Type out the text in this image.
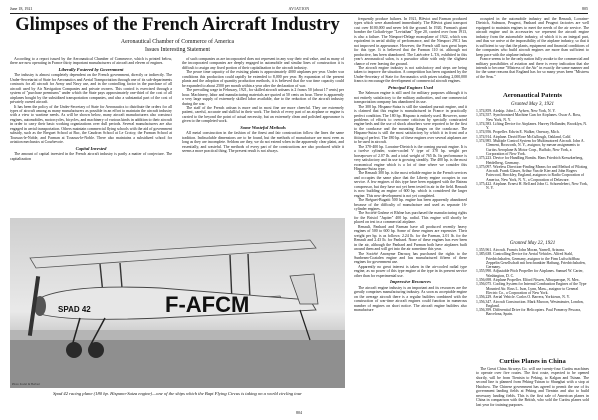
June 18, 1921	AVIATION	805
Glimpses of the French Aircraft Industry
Aeronautical Chamber of Commerce of America
Issues Interesting Statement

According to a report issued by the Aeronautical Chamber of Commerce, which is printed below, there are now operating in France thirty important manufacturers of aircraft and eleven of engines.

Liberally Fostered by Government

The industry is almost completely dependent on the French government, directly or indirectly. The Under-Secretariat of State for Aeronautics and Aerial Transportation through one of its sub-departments contracts for all aircraft for Army and Navy use, and in the controlling factor in the purchase of all aircraft used by Air Navigation Companies and private owners. This control is exercised through a system of "purchase premiums" under which the State pays approximately one-third of the cost of all airplanes bought by the subsidized transportation companies, and also a substantial part of the cost of privately owned aircraft.

It has been the policy of the Under-Secretary of State for Aeronautics to distribute the orders for all types of aircraft among as many manufacturers as possible in an effort to maintain the aircraft industry with a view to wartime needs. As will be shown below, many aircraft manufacturers also construct engines, automobiles, motorcycles, bicycles, and machinery of various kinds in addition to their aircraft in order to carry their basic working organizations over dull periods. Several manufacturers are also engaged in aerial transportation. Others maintain commercial flying schools with the aid of government subsidy, such as the Breguet School at Buc, the Caudron School at Le Crotoy, the Farman School at Toussus-le-Noble, and Farman at Toussus-le-Noble. There also maintains a subsidized school for aviation mechanics at Courbevoie.

Capital Invested

The amount of capital invested in the French aircraft industry is partly a matter of conjecture. The capitalization

of such companies as are incorporated does not represent in any way their real value, and as many of the incorporated companies are deeply engaged in automobile and similar lines of construction it is difficult to assign any fixed portion of their capitalization to the aircraft industry.

The peace time capacity of the existing plants is approximately 4000 airplanes per year. Under war conditions this production could rapidly be extended to 8,000 per year. By expansion of the present plants and the adoption of quantity production methods, it is believed that the war time capacity could be expanded to about 2500 per month within a year after the declaration of war.

The prevailing wage in February, 1921, for skilled aircraft artisans is 2 francs 50 (about 17 cents) per hour. Machinery, labor and manufacturing materials are quoted at 50 cents an hour. There is apparently a very large supply of extremely skilled labor available, due to the reduction of the aircraft industry during the war.

The staff of the French artisan is more and in most fine are more cheerful. They are extremely patient, careful, accurate and skillful in their work. The finish of every part of an airplane or engine is carried to the beyond the point of actual necessity, but an extremely clean and polished appearance is given to the completed work.

Some Wasteful Methods

All metal construction in the fashion of the finest and fair construction follow the lines the same tradition. Indissoluble dimensions are to be found, but the methods of manufacture are most even as long as they are incomplete. Seldom are they, we do not extend when in the apparently clear plaint, and essentially, and wasteful. The methods of every part of the constructions are also produced while it seems a more practical thing. The present result is not always.

frequently produce failures. In 1921, Bléviot and Farman produced types which were abandoned immediately. The Bléviot giant transport cost over $100,000 and never left the ground. In 1920, Farman's giant bomber the Goliath-type "Leviathan" Type 20, carried over from 1913, is also a failure. The Nieuport-Delage monoplane of 1922, which was equivalent in aerial ability of performance, and the Nieuport 29C1 has not improved in appearance. However, the French still turn great hopes for this type. It is believed that the Farman 110 tri. although not productive, has been abandoned. The Latécoère L.T.6, exhibited in this year's aeronautical salon, is a pursuitor affair with only the slightest chance of ever leaving the ground.

The aircraft engine industry is not satisfactory and steps are being taken to improve the situation. A competition has been organized by the Under-Secretary of State for Aeronautics with prizes totaling 2,000,000 francs to encourage the development of commercial aircraft engines.

Principal Engines Used

The Salmson engine is still used for military purposes although it is not entirely satisfactory to the military authorities, and one commercial transportation company has abandoned its use.

The 300 hp. Hispano-Suiza is still the standard pursuit engine, and it is claimed that this engine is manufactured in France in practically perfect condition. The 180 hp. Hispano is entirely used. However, some problems of efforts to overcome criticism by specially constructed engine beds and the use of shock absorbers were reported to be the first to the crankcase and the mounting flanges on the crankcase. The Hispano-Suiza is still the most satisfactory by which it in front and a fitting of perfect. The 180 hp. of these engines over several airplanes are to be used in aircraft.

The 370-400 hp. Lorraine-Dietrich is the coming pursuit engine. It is a twelve cylinder, water-cooled V type of 370 hp. weight per horsepower of 2.07 lb. and a total weight of 765 lb. Its performance is very satisfactory and its use is growing steadily. The 400 hp. is the most economical engine which is a lot of time where we consider this Hispano-Suiza type.

The Renault 300 hp. is the most reliable engine in the French services and occupies the same place that the Liberty engine occupies in our service. A few engines of this type have been equipped with the Rateau compressor, but they have not yet been tested in air in the field. Renault is now building an engine of 600 hp. which is considered the larger engine. This new development is not yet completed.

The Bréguet-Bugatti 500 hp. engine has been apparently abandoned because of the difficulty of manufacture and used as separate 16-cylinder engines.

The Société Gnôme et Rhône has purchased the manufacturing rights for the Bristol "Jupiter" 400 hp. radial. This engine will shortly be placed on test in a commercial airplane.

Renault, Panhard and Farman have all produced recently heavy engines of 500 to 600 hp. Some of these engines are expensive. Their weight per hp. is as follows: 2.24 lb. for the Farman, 2.01 lb. for the Renault and 2.43 lb. for Panhard. None of these engines has ever been in the air, although the Panhard and Farman both have airplanes built around them and will get into the air sometime this year.

The Société Anonyme Darracq has purchased the rights to the Sunbeam-Coatalen engine and has manufactured fifteen of these engines for government use.

Apparently no great interest is taken in the air-cooled radial type engine, as no power of this type engine at the type in its present service other than for experimental use.

Impressive Resources

The aircraft engine industry is an important and its resources are the greatly comprises manufacturing industry. As soon as acceptable engine on the average aircraft there is a regular builders combined with the construction of war-time aircraft engines could function in numerous number of engines on short notice. The aircraft engine builders also manufacture

occupied in the automobile industry and the Renault, Lorraine-Dietrich, Salmson, Peugeot, Panhard and Peugeot factories are well equipped to maintain engines to meet the needs of the air service. The aircraft engine and its accessories we represent the aircraft engine industry from the automobile industry, of which it is an integral part, and thus we arrive at the impossibility of the airplane industry, so that it is sufficient to say that the plants, equipment and financial conditions of the companies who build aircraft engines are more than sufficient to keep pace with the airplane industry.

France seems to be the only nation fully awake to the commercial and military possibilities of aviation and there is every indication that she intends to become "Mistress of the Air" in exactly the same manner and for the same reasons that England has for so many years been "Mistress of the Seas."

Aeronautical Patents
Granted May 3, 1921
1,374,859. Airship. John L. Aylsen, New York, N. Y.
1,374,557. Synchronized Machine Gun for Airplanes. Oscar A. Ross, New York, N. Y.
1,374,583. Lifting Device for Airplanes. Harvey Hollander, Brooklyn, N. Y.
1,374,956. Propeller. Edwin E. Walker, Oneway, Mich.
1,374,914. Airplane. David Rose McCullough, Oakland, Calif.
1,374,985. Multiple Control System for Multimotored Aircraft. John A. Clement, Boxworth, N. Y., assignor, by mesne assignments to Curtiss Aeroplane & Motor Corp., Buffalo, New York, a Corporation of New York.
1,375,223. Device for Handling Bombs. Hans Friedrich Kreuzkerberg, Heidelberg, Germany.
1,375,097. Wireless Direction-Finding Means for and Method of Piloting Aircraft. Frank Glauer, Arthur Van de Kier and John Rogers Fairwood, Brockley, England, assignors to Radio Corporation of America, New York, N. Y., a Corporation of Delaware.
1,375,422. Airplane. Ernest H. Bell and John G. Schoenlebert, New York, N. Y.
Granted May 22, 1921
1,355,961. Aircraft. Francis John Moran, Yarnell, Arizona.
1,385,638. Controlling Device for Aerial Vehicles. Alfred Stahl, Friedrichshafen, Germany, assignor to the Firm Luftschiffbau Zeppelin Gesellschaft mit beschrankter Haftung, Friedrichshafen, Germany.
1,355,990. Adjustable Pitch Propeller for Airplanes. Samuel W. Carter, Washington, D. C.
1,356,698. Airplane Propeller. Elford Nissen, Albuquerque, N. Mex.
1,356,075. Cooling System for Internal Combustion Engines of the Type Mounted Air. Ross L. Ison, Lynn, Mass., assignor to General Electric Co., a Corporation of New York.
1,356,229. Aerial Vehicle. Carlos O. Barrera, Yorktown, N. Y.
1,356,347. Aircraft Construction. Mark Marcon, Westminster, London, England.
1,356,399. Differential Drive for Helicopters. Paul Pomeroy Pescara, Barcelona, Spain.
Curtiss Planes in China

The Great China Airways Co. will use twenty-four Curtiss machines to operate over five routes. The first route, expected to be opened shortly, will be from Tientsin to Peking, to Kalgan and Tsinan. The second line is planned from Peking-Tsinan to Shanghai with a stop at Haichow. The Chinese government has agreed to permit the use of its government landing fields at Peking and Tientsin and also to build necessary landing fields. This is the first sale of American planes in China in comparison with the British, who sold the Curtiss planes sold last year for training purposes.

SPAD 42	F-AFCM
Photo Kodel & Herbert
Spad 42 racing plane (180 hp. Hispano-Suiza engine)—one of the ships which the Bapt Flying Circus is taking on a world circling tour
804
